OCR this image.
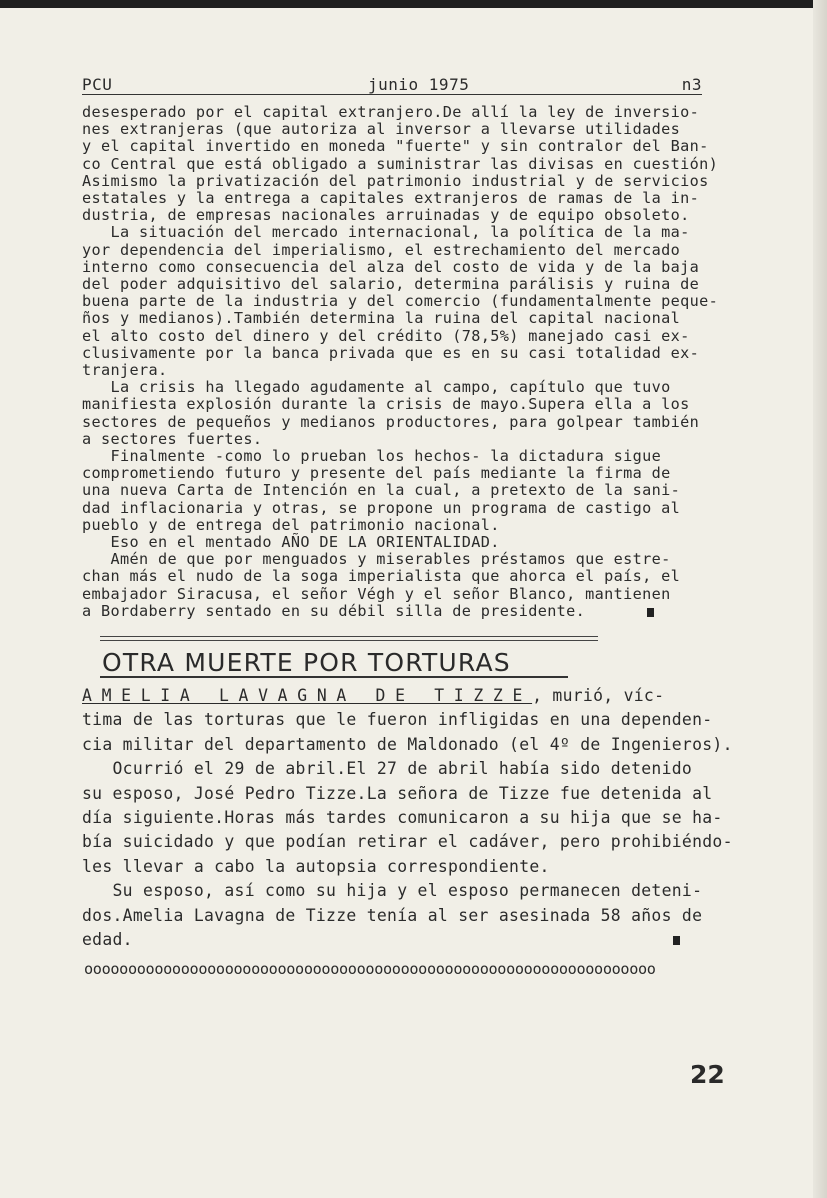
PCU	junio 1975	n3

desesperado por el capital extranjero.De allí la ley de inversio-
nes extranjeras (que autoriza al inversor a llevarse utilidades
y el capital invertido en moneda "fuerte" y sin contralor del Ban-
co Central que está obligado a suministrar las divisas en cuestión)
Asimismo la privatización del patrimonio industrial y de servicios
estatales y la entrega a capitales extranjeros de ramas de la in-
dustria, de empresas nacionales arruinadas y de equipo obsoleto.

La situación del mercado internacional, la política de la ma-
yor dependencia del imperialismo, el estrechamiento del mercado
interno como consecuencia del alza del costo de vida y de la baja
del poder adquisitivo del salario, determina parálisis y ruina de
buena parte de la industria y del comercio (fundamentalmente peque-
ños y medianos).También determina la ruina del capital nacional
el alto costo del dinero y del crédito (78,5%) manejado casi ex-
clusivamente por la banca privada que es en su casi totalidad ex-
tranjera.

La crisis ha llegado agudamente al campo, capítulo que tuvo
manifiesta explosión durante la crisis de mayo.Supera ella a los
sectores de pequeños y medianos productores, para golpear también
a sectores fuertes.

Finalmente -como lo prueban los hechos- la dictadura sigue
comprometiendo futuro y presente del país mediante la firma de
una nueva Carta de Intención en la cual, a pretexto de la sani-
dad inflacionaria y otras, se propone un programa de castigo al
pueblo y de entrega del patrimonio nacional.

Eso en el mentado AÑO DE LA ORIENTALIDAD.

Amén de que por menguados y miserables préstamos que estre-
chan más el nudo de la soga imperialista que ahorca el país, el
embajador Siracusa, el señor Végh y el señor Blanco, mantienen
a Bordaberry sentado en su débil silla de presidente.

OTRA MUERTE POR TORTURAS

AMELIA LAVAGNA DE TIZZE, murió, víc-
tima de las torturas que le fueron infligidas en una dependen-
cia militar del departamento de Maldonado (el 4º de Ingenieros).

Ocurrió el 29 de abril.El 27 de abril había sido detenido
su esposo, José Pedro Tizze.La señora de Tizze fue detenida al
día siguiente.Horas más tardes comunicaron a su hija que se ha-
bía suicidado y que podían retirar el cadáver, pero prohibiéndo-
les llevar a cabo la autopsia correspondiente.

Su esposo, así como su hija y el esposo permanecen deteni-
dos.Amelia Lavagna de Tizze tenía al ser asesinada 58 años de
edad.

ooooooooooooooooooooooooooooooooooooooooooooooooooooooooooooooooo
22
